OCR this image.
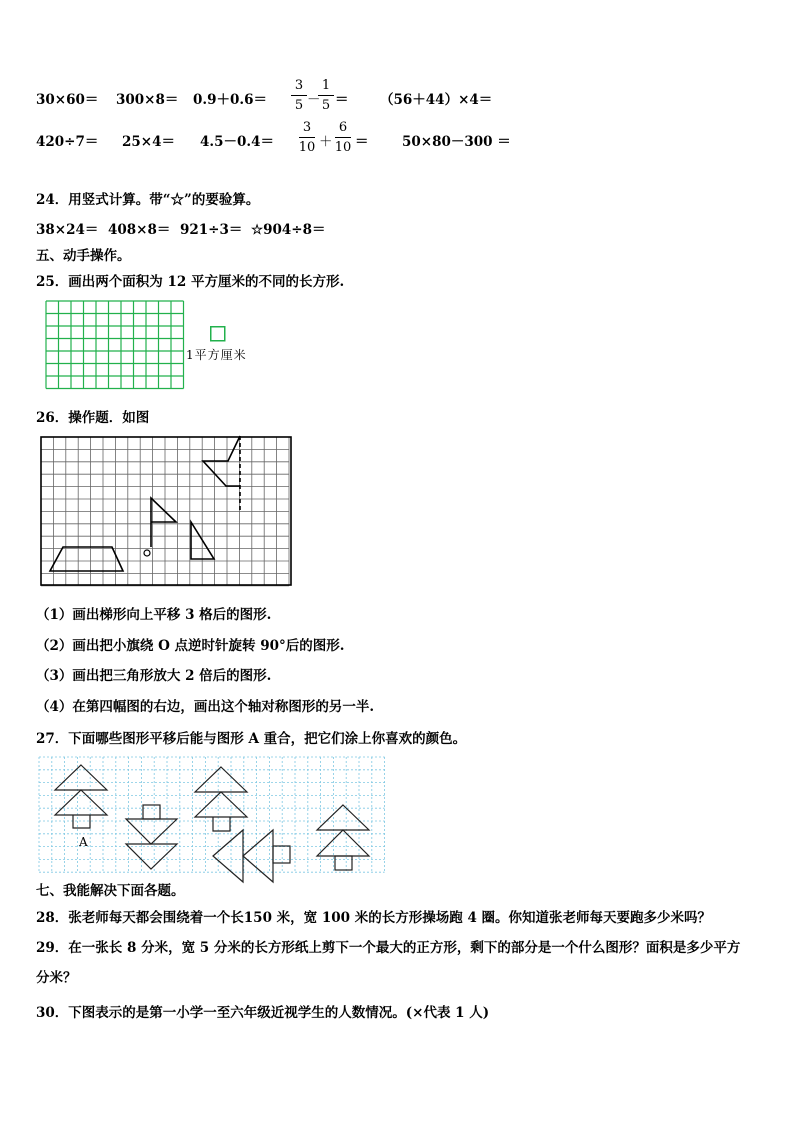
30×60＝ 300×8＝ 0.9＋0.6＝
3
5 －
1
5 ＝ （56＋44）×4＝
420÷7＝ 25×4＝ 4.5－0.4＝
3
10 ＋
6
10 ＝ 50×80－300 ＝
24．用竖式计算。带“☆”的要验算。
38×24＝ 408×8＝ 921÷3＝ ☆904÷8＝
五、动手操作。
25．画出两个面积为 12 平方厘米的不同的长方形.
1平方厘米
26．操作题．如图
（1）画出梯形向上平移 3 格后的图形.
（2）画出把小旗绕 O 点逆时针旋转 90°后的图形.
（3）画出把三角形放大 2 倍后的图形.
（4）在第四幅图的右边，画出这个轴对称图形的另一半.
27．下面哪些图形平移后能与图形 A 重合，把它们涂上你喜欢的颜色。
A
七、我能解决下面各题。
28．张老师每天都会围绕着一个长150 米，宽 100 米的长方形操场跑 4 圈。你知道张老师每天要跑多少米吗？
29．在一张长 8 分米，宽 5 分米的长方形纸上剪下一个最大的正方形，剩下的部分是一个什么图形？面积是多少平方
分米？
30．下图表示的是第一小学一至六年级近视学生的人数情况。(×代表 1 人)
